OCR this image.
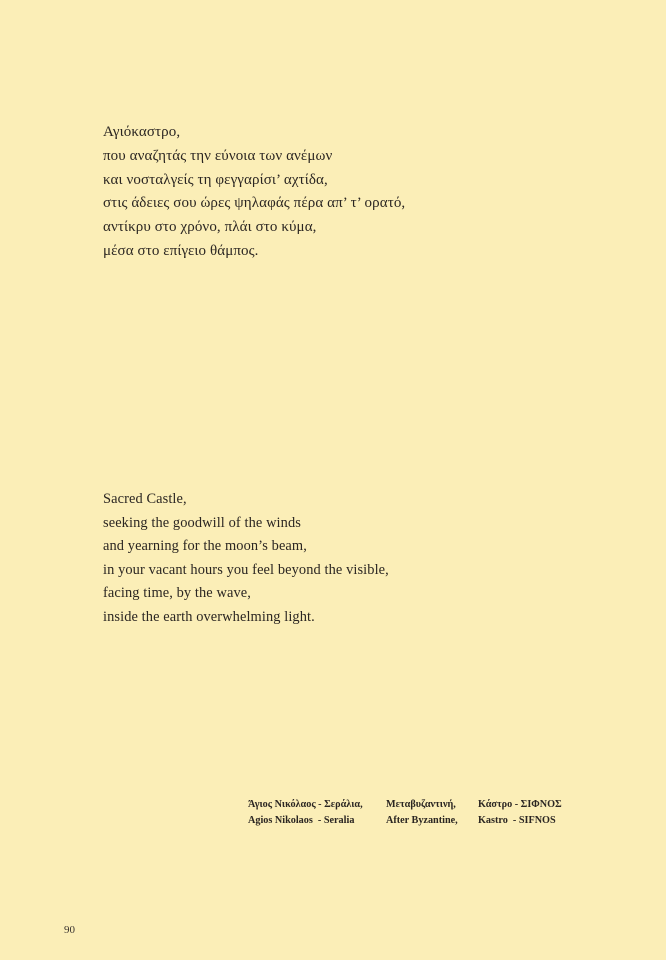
Αγιόκαστρο,
που αναζητάς την εύνοια των ανέμων
και νοσταλγείς τη φεγγαρίσι’ αχτίδα,
στις άδειες σου ώρες ψηλαφάς πέρα απ’ τ’ ορατό,
αντίκρυ στο χρόνο, πλάι στο κύμα,
μέσα στο επίγειο θάμπος.
Sacred Castle,
seeking the goodwill of the winds
and yearning for the moon’s beam,
in your vacant hours you feel beyond the visible,
facing time, by the wave,
inside the earth overwhelming light.
Άγιος Νικόλαος - Σεράλια,	Μεταβυζαντινή,	Κάστρο - ΣΙΦΝΟΣ
Agios Nikolaos  - Seralia	After Byzantine,	Kastro  - SIFNOS
90
